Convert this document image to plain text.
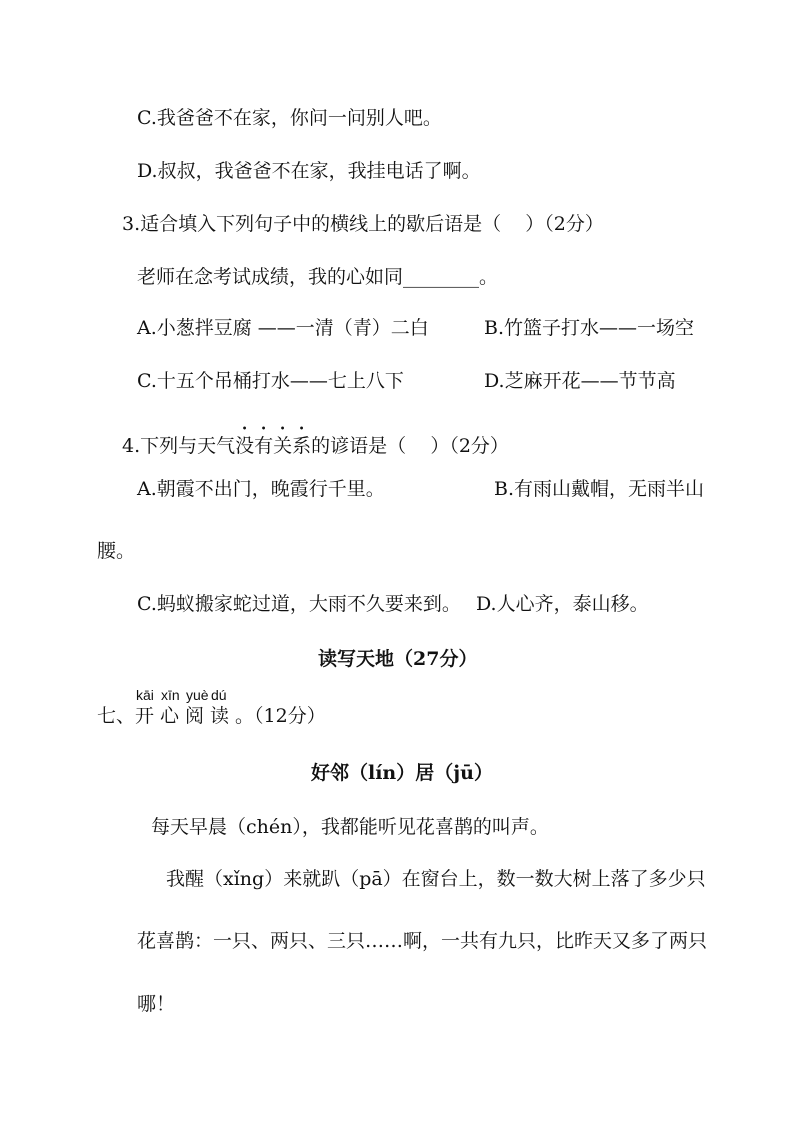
C.我爸爸不在家，你问一问别人吧。
D.叔叔，我爸爸不在家，我挂电话了啊。
3.适合填入下列句子中的横线上的歇后语是（    ）（2分）
老师在念考试成绩，我的心如同________。
A.小葱拌豆腐 ——一清（青）二白	B.竹篮子打水——一场空
C.十五个吊桶打水——七上八下	D.芝麻开花——节节高
4.下列与天气没有关系的谚语是（    ）（2分）
A.朝霞不出门，晚霞行千里。	B.有雨山戴帽，无雨半山
腰。
C.蚂蚁搬家蛇过道，大雨不久要来到。 D.人心齐，泰山移。
读写天地（27分）
七、
kāi
开
xīn
心
yuè
阅
dú
读 。（12分）
好邻（lín）居（jū）
每天早晨（chén），我都能听见花喜鹊的叫声。
我醒（xǐng）来就趴（pā）在窗台上，数一数大树上落了多少只
花喜鹊：一只、两只、三只……啊，一共有九只，比昨天又多了两只
哪！
